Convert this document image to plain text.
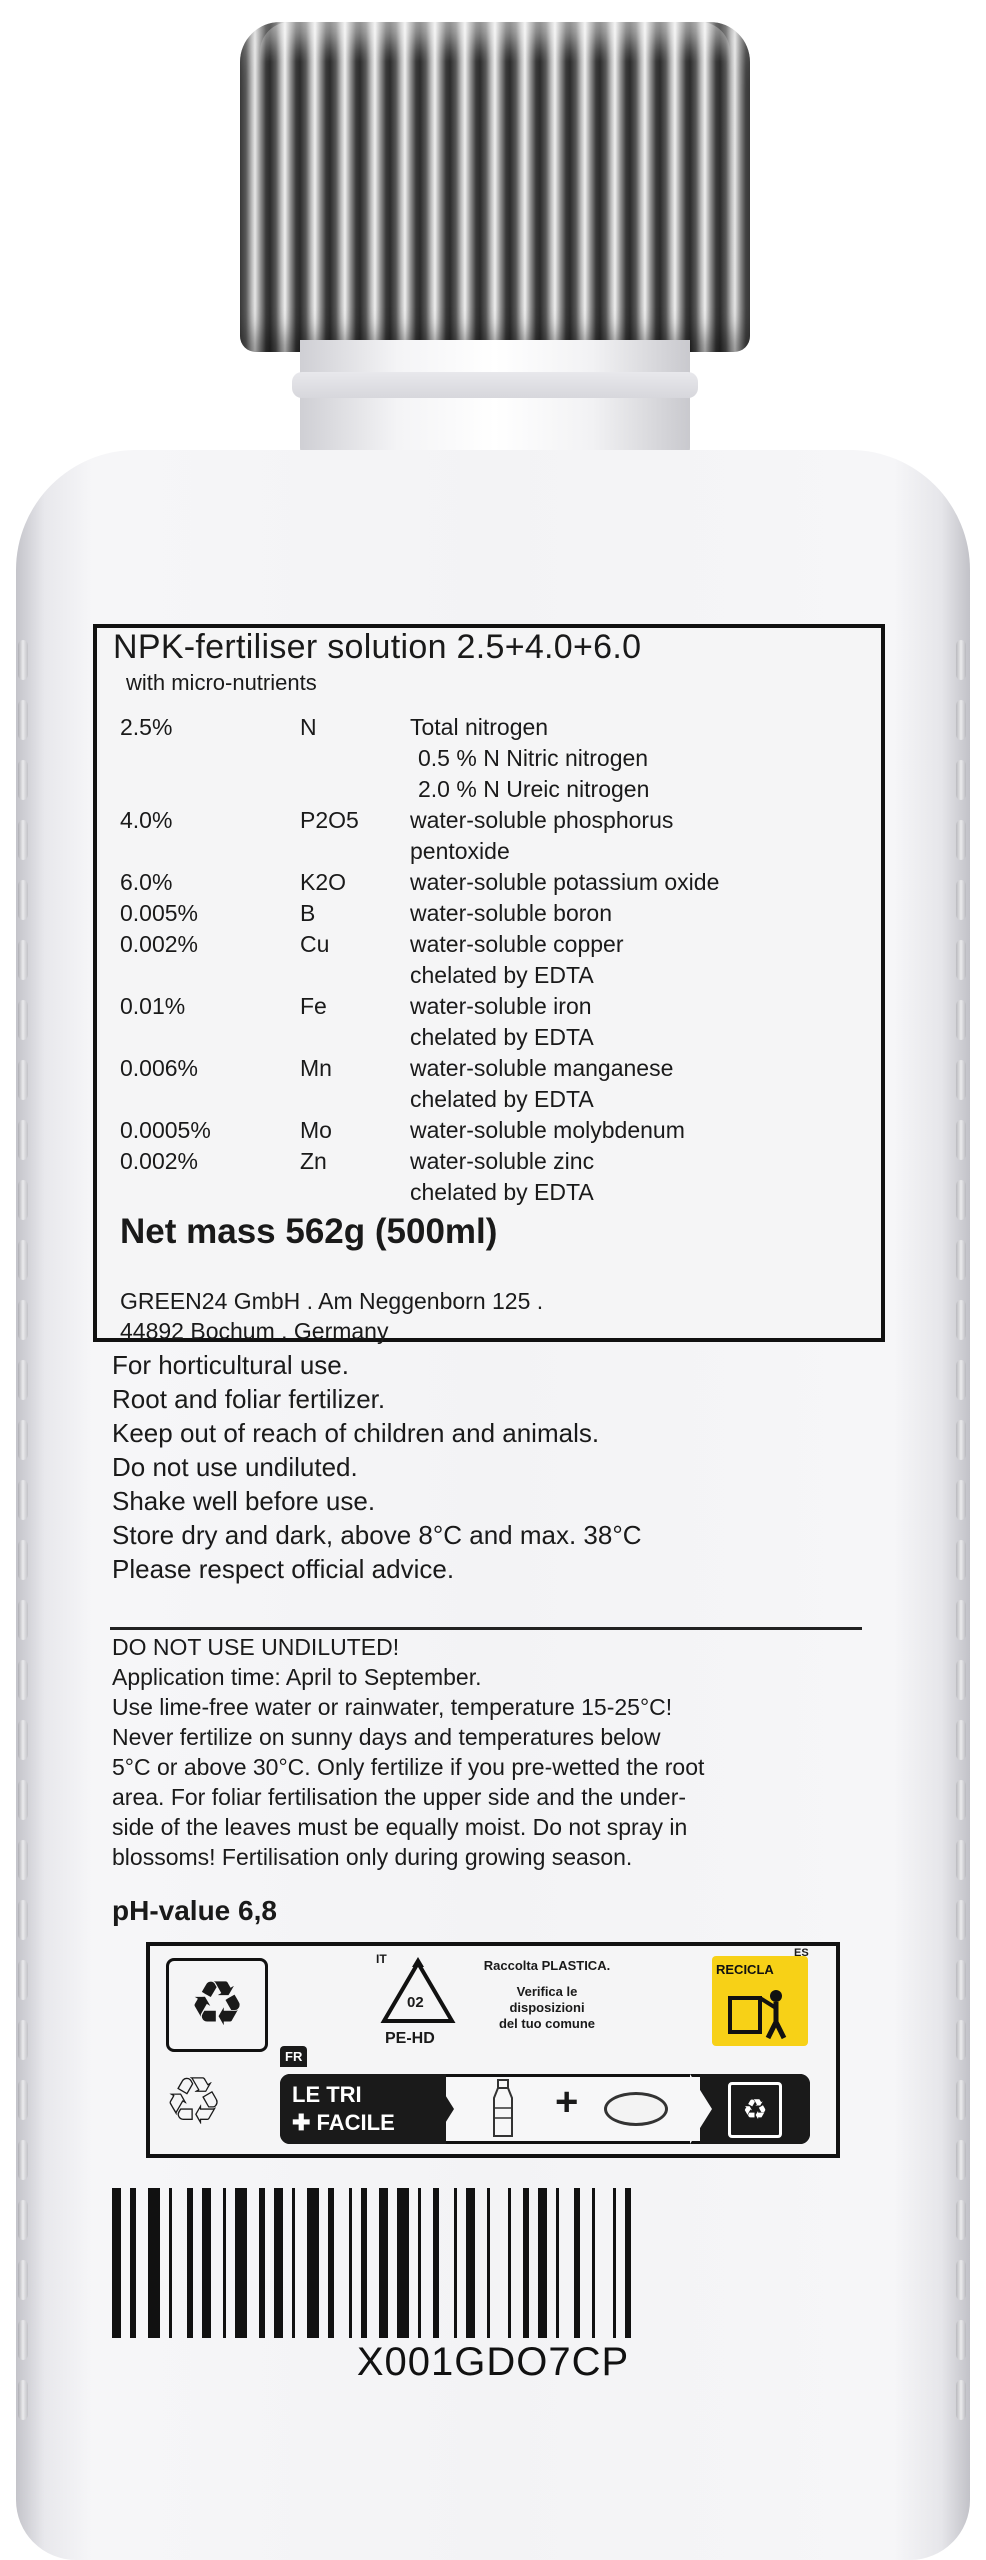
NPK-fertiliser solution 2.5+4.0+6.0
with micro-nutrients
2.5%	N	Total nitrogen
0.5 % N Nitric nitrogen
2.0 % N Ureic nitrogen
4.0%	P2O5 water-soluble phosphorus
pentoxide
6.0%	K2O	water-soluble potassium oxide
0.005%	B	water-soluble boron
0.002%	Cu	water-soluble copper
chelated by EDTA
0.01%	Fe	water-soluble iron
chelated by EDTA
0.006%	Mn	water-soluble manganese
chelated by EDTA
0.0005%	Mo	water-soluble molybdenum
0.002%	Zn	water-soluble zinc
chelated by EDTA
Net mass 562g (500ml)
GREEN24 GmbH . Am Neggenborn 125 .
44892 Bochum . Germany
For horticultural use.
Root and foliar fertilizer.
Keep out of reach of children and animals.
Do not use undiluted.
Shake well before use.
Store dry and dark, above 8°C and max. 38°C
Please respect official advice.
DO NOT USE UNDILUTED!
Application time: April to September.
Use lime-free water or rainwater, temperature 15-25°C!
Never fertilize on sunny days and temperatures below
5°C or above 30°C. Only fertilize if you pre-wetted the root
area. For foliar fertilisation the upper side and the under-
side of the leaves must be equally moist. Do not spray in
blossoms! Fertilisation only during growing season.
pH-value 6,8
♻
IT
02
PE-HD
Raccolta PLASTICA.
Verifica le
disposizioni
del tuo comune
RECICLA
ES
♲
FR
LE TRI
✚ FACILE	+	♻
X001GDO7CP
